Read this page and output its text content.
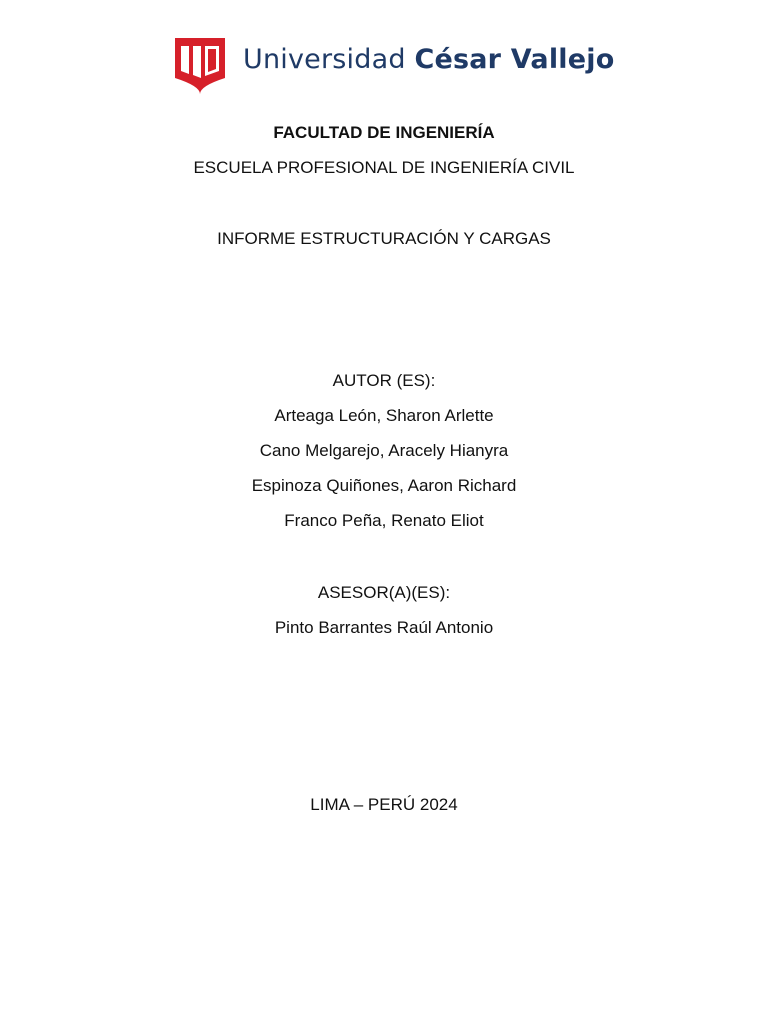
Universidad César Vallejo
FACULTAD DE INGENIERÍA
ESCUELA PROFESIONAL DE INGENIERÍA CIVIL
INFORME ESTRUCTURACIÓN Y CARGAS
AUTOR (ES):
Arteaga León, Sharon Arlette
Cano Melgarejo, Aracely Hianyra
Espinoza Quiñones, Aaron Richard
Franco Peña, Renato Eliot
ASESOR(A)(ES):
Pinto Barrantes Raúl Antonio
LIMA – PERÚ 2024
